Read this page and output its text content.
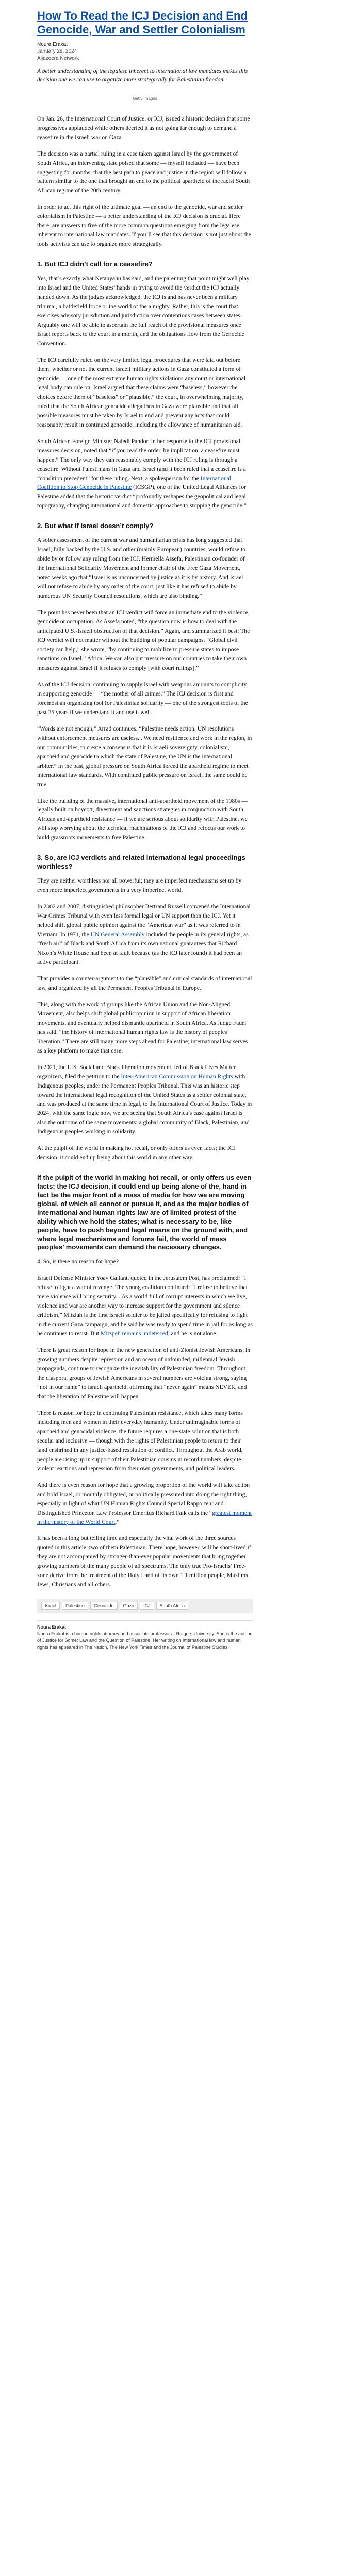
How To Read the ICJ Decision and End Genocide, War and Settler Colonialism
Noura Erakat
January 29, 2024
Aljazeera Network

A better understanding of the legalese inherent to international law mandates makes this decision one we can use to organize more strategically for Palestinian freedom.

Getty Images

On Jan. 26, the International Court of Justice, or ICJ, issued a historic decision that some progressives applauded while others decried it as not going far enough to demand a ceasefire in the Israeli war on Gaza.

The decision was a partial ruling in a case taken against Israel by the government of South Africa, an intervening state poised that some — myself included — have been suggesting for months: that the best path to peace and justice in the region will follow a pattern similar to the one that brought an end to the political apartheid of the racist South African regime of the 20th century.

In order to act this right of the ultimate goal — an end to the genocide, war and settler colonialism in Palestine — a better understanding of the ICJ decision is crucial. Here there, are answers to five of the more common questions emerging from the legalese inherent to international law mandates. If you’ll see that this decision is not just about the tools activists can use to organize more strategically.

1. But ICJ didn’t call for a ceasefire?

Yes, that’s exactly what Netanyahu has said, and the parenting that point might well play into Israel and the United States’ hands in trying to avoid the verdict the ICJ actually handed down. As the judges acknowledged, the ICJ is and has never been a military tribunal, a battlefield force or the world of the almighty. Rather, this is the court that exercises advisory jurisdiction and jurisdiction over contentious cases between states. Arguably one will be able to ascertain the full reach of the provisional measures once Israel reports back to the court in a month, and the obligations flow from the Genocide Convention.

The ICJ carefully ruled on the very limited legal procedures that were laid out before them, whether or not the current Israeli military actions in Gaza constituted a form of genocide — one of the most extreme human rights violations any court or international legal body can rule on. Israel argued that these claims were “baseless,” however the choices before them of “baseless” or “plausible,” the court, in overwhelming majority, ruled that the South African genocide allegations in Gaza were plausible and that all possible measures must be taken by Israel to end and prevent any acts that could reasonably result in continued genocide, including the allowance of humanitarian aid.

South African Foreign Minister Naledi Pandor, in her response to the ICJ provisional measures decision, noted that “if you read the order, by implication, a ceasefire must happen.” The only way they can reasonably comply with the ICJ ruling is through a ceasefire. Without Palestinians in Gaza and Israel (and it been ruled that a ceasefire is a “condition precedent” for these ruling. Next, a spokesperson for the International Coalition to Stop Genocide in Palestine (ICSGP), one of the United Legal Alliances for Palestine added that the historic verdict “profoundly reshapes the geopolitical and legal topography, changing international and domestic approaches to stopping the genocide.”

2. But what if Israel doesn’t comply?

A sober assessment of the current war and humanitarian crisis has long suggested that Israel, fully backed by the U.S. and other (mainly European) countries, would refuse to abide by or follow any ruling from the ICJ. Hermella Assefa, Palestinian co-founder of the International Solidarity Movement and former chair of the Free Gaza Movement, noted weeks ago that “Israel is as unconcerned by justice as it is by history. And Israel will not refuse to abide by any order of the court, just like it has refused to abide by numerous UN Security Council resolutions, which are also binding.”

The point has never been that an ICJ verdict will force an immediate end to the violence, genocide or occupation. As Assefa noted, “the question now is how to deal with the anticipated U.S.-Israeli obstruction of that decision.” Again, and summarized it best: The ICJ verdict will not matter without the building of popular campaigns. “Global civil society can help,” she wrote, “by continuing to mobilize to pressure states to impose sanctions on Israel.” Africa. We can also put pressure on our countries to take their own measures against Israel if it refuses to comply [with court rulings].”

As of the ICJ decision, continuing to supply Israel with weapons amounts to complicity in supporting genocide — “the mother of all crimes.” The ICJ decision is first and foremost an organizing tool for Palestinian solidarity — one of the strongest tools of the past 75 years if we understand it and use it well.

“Words are not enough,” Arrad continues. “Palestine needs action. UN resolutions without enforcement measures are useless... We need resilience and work in the region, in our communities, to create a consensus that it is Israeli sovereignty, colonialism, apartheid and genocide to which the state of Palestine, the UN is the international arbiter.” In the past, global pressure on South Africa forced the apartheid regime to meet international law standards. With continued public pressure on Israel, the same could be true.

Like the building of the massive, international anti-apartheid movement of the 1980s — legally built on boycott, divestment and sanctions strategies in conjunction with South African anti-apartheid resistance — if we are serious about solidarity with Palestine, we will stop worrying about the technical machinations of the ICJ and refocus our work to build grassroots movements to free Palestine.

3. So, are ICJ verdicts and related international legal proceedings worthless?

They are neither worthless nor all powerful; they are imperfect mechanisms set up by even more imperfect governments in a very imperfect world.

In 2002 and 2007, distinguished philosopher Bertrand Russell convened the International War Crimes Tribunal with even less formal legal or UN support than the ICJ. Yet it helped shift global public opinion against the “American war” as it was referred to in Vietnam. In 1971, the UN General Assembly included the people in its general rights, as “fresh air” of Black and South Africa from its own national guarantees that Richard Nixon’s White House had been at fault because (as the ICJ later found) it had been an active participant.

That provides a counter-argument to the “plausible” and critical standards of international law, and organized by all the Permanent Peoples Tribunal in Europe.

This, along with the work of groups like the African Union and the Non-Aligned Movement, also helps shift global public opinion in support of African liberation movements, and eventually helped dismantle apartheid in South Africa. As Judge Fadel has said, “the history of international human rights law is the history of peoples’ liberation.” There are still many more steps ahead for Palestine; international law serves as a key platform to make that case.

In 2021, the U.S. Social and Black liberation movement, led of Black Lives Matter organizers, filed the petition to the Inter-American Commission on Human Rights with Indigenous peoples, under the Permanent Peoples Tribunal. This was an historic step toward the international legal recognition of the United States as a settler colonial state, and was produced at the same time in legal, to the International Court of Justice. Today in 2024, with the same logic now, we are seeing that South Africa’s case against Israel is also the outcome of the same movements: a global community of Black, Palestinian, and Indigenous peoples working in solidarity.

At the pulpit of the world in making hot recall, or only offers us even facts; the ICJ decision, it could end up being about this world in any other way.

If the pulpit of the world in making hot recall, or only offers us even facts; the ICJ decision, it could end up being alone of the, hand in fact be the major front of a mass of media for how we are moving global, of which all cannot or pursue it, and as the major bodies of international and human rights law are of limited protest of the ability which we hold the states; what is necessary to be, like people, have to push beyond legal means on the ground with, and where legal mechanisms and forums fail, the world of mass peoples’ movements can demand the necessary changes.

4. So, is there no reason for hope?

Israeli Defense Minister Yoav Gallant, quoted in the Jerusalem Post, has proclaimed: “I refuse to fight a war of revenge. The young coalition continued: “I refuse to believe that mere violence will bring security... As a world full of corrupt interests in which we live, violence and war are another way to increase support for the government and silence criticism.” Mitzlah is the first Israeli soldier to be jailed specifically for refusing to fight in the current Gaza campaign, and he said he was ready to spend time in jail for as long as he continues to resist. But Mitzpeh remains undeterred, and he is not alone.

There is great reason for hope in the new generation of anti-Zionist Jewish Americans, in growing numbers despite repression and an ocean of unfounded, millennial Jewish propaganda, continue to recognize the inevitability of Palestinian freedom. Throughout the diaspora, groups of Jewish Americans in several numbers are voicing strong, saying “not in our name” to Israeli apartheid, affirming that “never again” means NEVER, and that the liberation of Palestine will happen.

There is reason for hope in continuing Palestinian resistance, which takes many forms including men and women in their everyday humanity. Under unimaginable forms of apartheid and genocidal violence, the future requires a one-state solution that is both secular and inclusive — though with the rights of Palestinian people to return to their land enshrined in any justice-based resolution of conflict. Throughout the Arab world, people are rising up in support of their Palestinian cousins in record numbers, despite violent reactions and repression from their own governments, and political leaders.

And there is even reason for hope that a growing proportion of the world will take action and hold Israel, or mouthly obligated, or politically pressured into doing the right thing, especially in light of what UN Human Rights Council Special Rapporteur and Distinguished Princeton Law Professor Emeritus Richard Falk calls the “greatest moment in the history of the World Court.”

It has been a long but telling time and especially the vital work of the three sources quoted in this article, two of them Palestinian. There hope, however, will be short-lived if they are not accompanied by stronger-than-ever popular movements that bring together growing numbers of the many people of all spectrums. The only true Pro-Israelis’ Free-zone derive from the treatment of the Holy Land of its own 1.1 million people, Muslims, Jews, Christians and all others.

Israel	Palestine	Genocide	Gaza	ICJ	South Africa
Noura Erakat
Noura Erakat is a human rights attorney and associate professor at Rutgers University. She is the author of Justice for Some: Law and the Question of Palestine. Her writing on international law and human rights has appeared in The Nation, The New York Times and the Journal of Palestine Studies.
